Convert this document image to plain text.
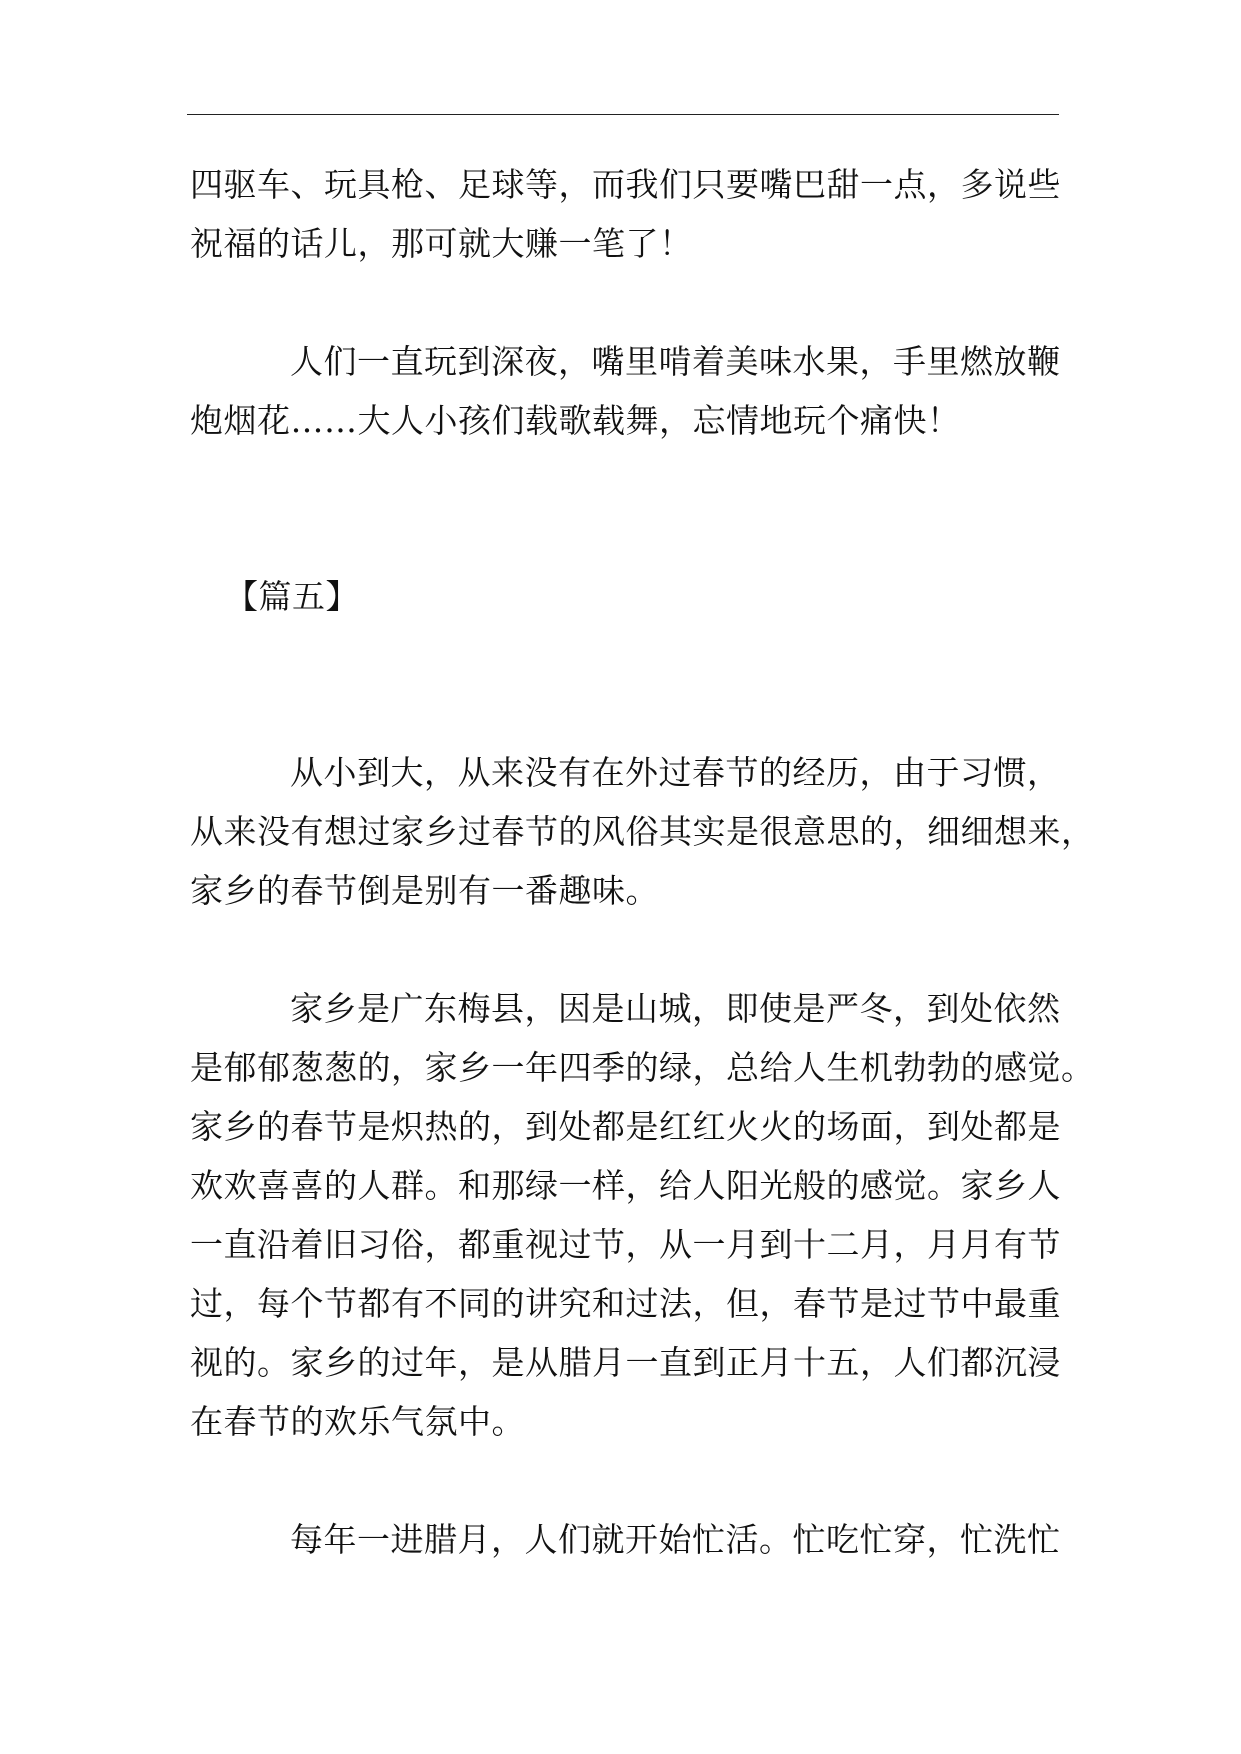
四驱车、玩具枪、足球等，而我们只要嘴巴甜一点，多说些
祝福的话儿，那可就大赚一笔了！
人们一直玩到深夜，嘴里啃着美味水果，手里燃放鞭
炮烟花……大人小孩们载歌载舞，忘情地玩个痛快！
【篇五】
从小到大，从来没有在外过春节的经历，由于习惯，
从来没有想过家乡过春节的风俗其实是很意思的，细细想来，
家乡的春节倒是别有一番趣味。
家乡是广东梅县，因是山城，即使是严冬，到处依然
是郁郁葱葱的，家乡一年四季的绿，总给人生机勃勃的感觉。
家乡的春节是炽热的，到处都是红红火火的场面，到处都是
欢欢喜喜的人群。和那绿一样，给人阳光般的感觉。家乡人
一直沿着旧习俗，都重视过节，从一月到十二月，月月有节
过，每个节都有不同的讲究和过法，但，春节是过节中最重
视的。家乡的过年，是从腊月一直到正月十五，人们都沉浸
在春节的欢乐气氛中。
每年一进腊月，人们就开始忙活。忙吃忙穿，忙洗忙
